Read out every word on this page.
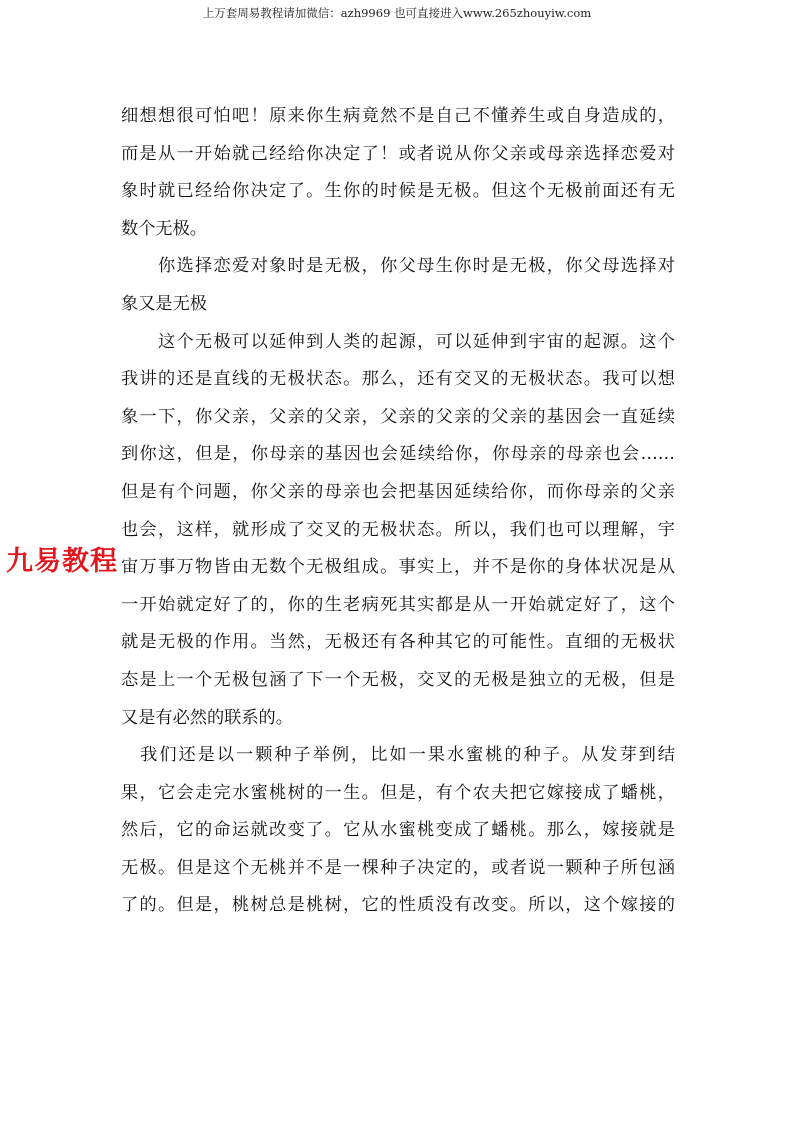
上万套周易教程请加微信：azh9969 也可直接进入www.265zhouyiw.com
细想想很可怕吧！原来你生病竟然不是自己不懂养生或自身造成的，
而是从一开始就己经给你决定了！或者说从你父亲或母亲选择恋爱对
象时就已经给你决定了。生你的时候是无极。但这个无极前面还有无
数个无极。
　　你选择恋爱对象时是无极，你父母生你时是无极，你父母选择对
象又是无极
　　这个无极可以延伸到人类的起源，可以延伸到宇宙的起源。这个
我讲的还是直线的无极状态。那么，还有交叉的无极状态。我可以想
象一下，你父亲，父亲的父亲，父亲的父亲的父亲的基因会一直延续
到你这，但是，你母亲的基因也会延续给你，你母亲的母亲也会……
但是有个问题，你父亲的母亲也会把基因延续给你，而你母亲的父亲
也会，这样，就形成了交叉的无极状态。所以，我们也可以理解，宇
宙万事万物皆由无数个无极组成。事实上，并不是你的身体状况是从
一开始就定好了的，你的生老病死其实都是从一开始就定好了，这个
就是无极的作用。当然，无极还有各种其它的可能性。直细的无极状
态是上一个无极包涵了下一个无极，交叉的无极是独立的无极，但是
又是有必然的联系的。
　我们还是以一颗种子举例，比如一果水蜜桃的种子。从发芽到结
果，它会走完水蜜桃树的一生。但是，有个农夫把它嫁接成了蟠桃，
然后，它的命运就改变了。它从水蜜桃变成了蟠桃。那么，嫁接就是
无极。但是这个无桃并不是一棵种子决定的，或者说一颗种子所包涵
了的。但是，桃树总是桃树，它的性质没有改变。所以，这个嫁接的
九易教程
